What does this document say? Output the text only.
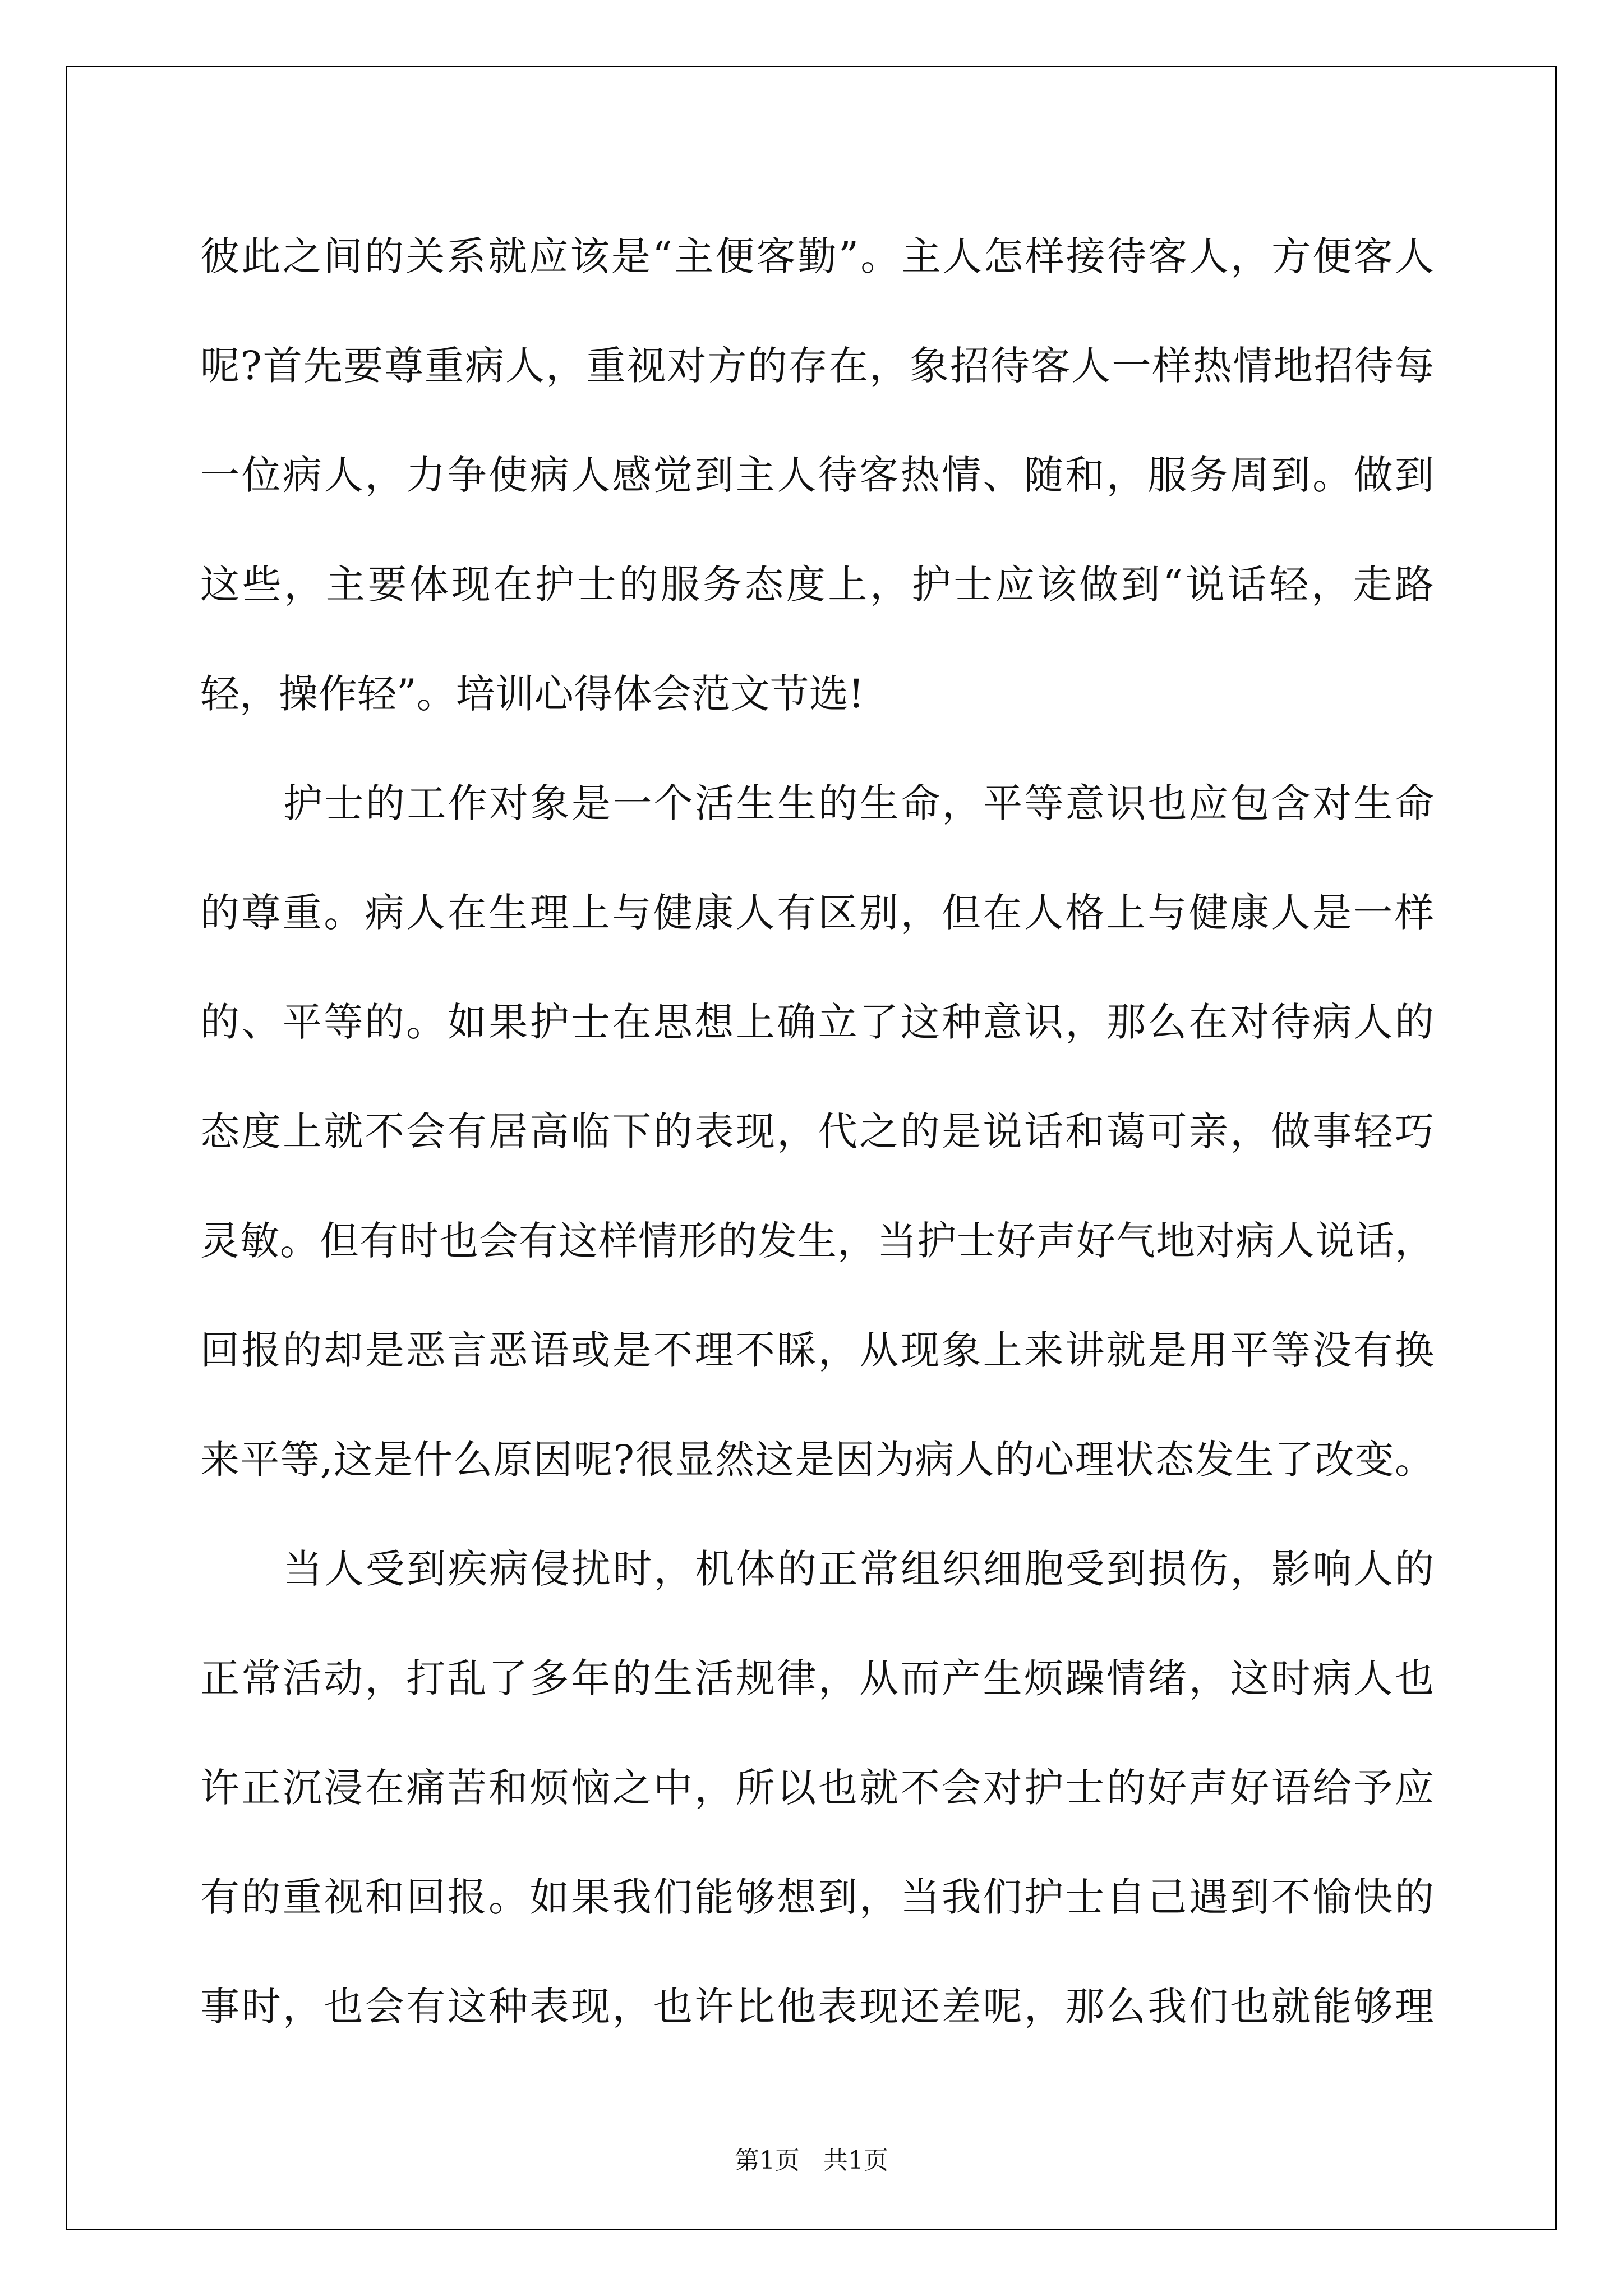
彼此之间的关系就应该是“主便客勤”。主人怎样接待客人，方便客人
呢?首先要尊重病人，重视对方的存在，象招待客人一样热情地招待每
一位病人，力争使病人感觉到主人待客热情、随和，服务周到。做到
这些，主要体现在护士的服务态度上，护士应该做到“说话轻，走路
轻，操作轻”。培训心得体会范文节选!
护士的工作对象是一个活生生的生命，平等意识也应包含对生命
的尊重。病人在生理上与健康人有区别，但在人格上与健康人是一样
的、平等的。如果护士在思想上确立了这种意识，那么在对待病人的
态度上就不会有居高临下的表现，代之的是说话和蔼可亲，做事轻巧
灵敏。但有时也会有这样情形的发生，当护士好声好气地对病人说话，
回报的却是恶言恶语或是不理不睬，从现象上来讲就是用平等没有换
来平等,这是什么原因呢?很显然这是因为病人的心理状态发生了改变。
当人受到疾病侵扰时，机体的正常组织细胞受到损伤，影响人的
正常活动，打乱了多年的生活规律，从而产生烦躁情绪，这时病人也
许正沉浸在痛苦和烦恼之中，所以也就不会对护士的好声好语给予应
有的重视和回报。如果我们能够想到，当我们护士自己遇到不愉快的
事时，也会有这种表现，也许比他表现还差呢，那么我们也就能够理
第1页   共1页
